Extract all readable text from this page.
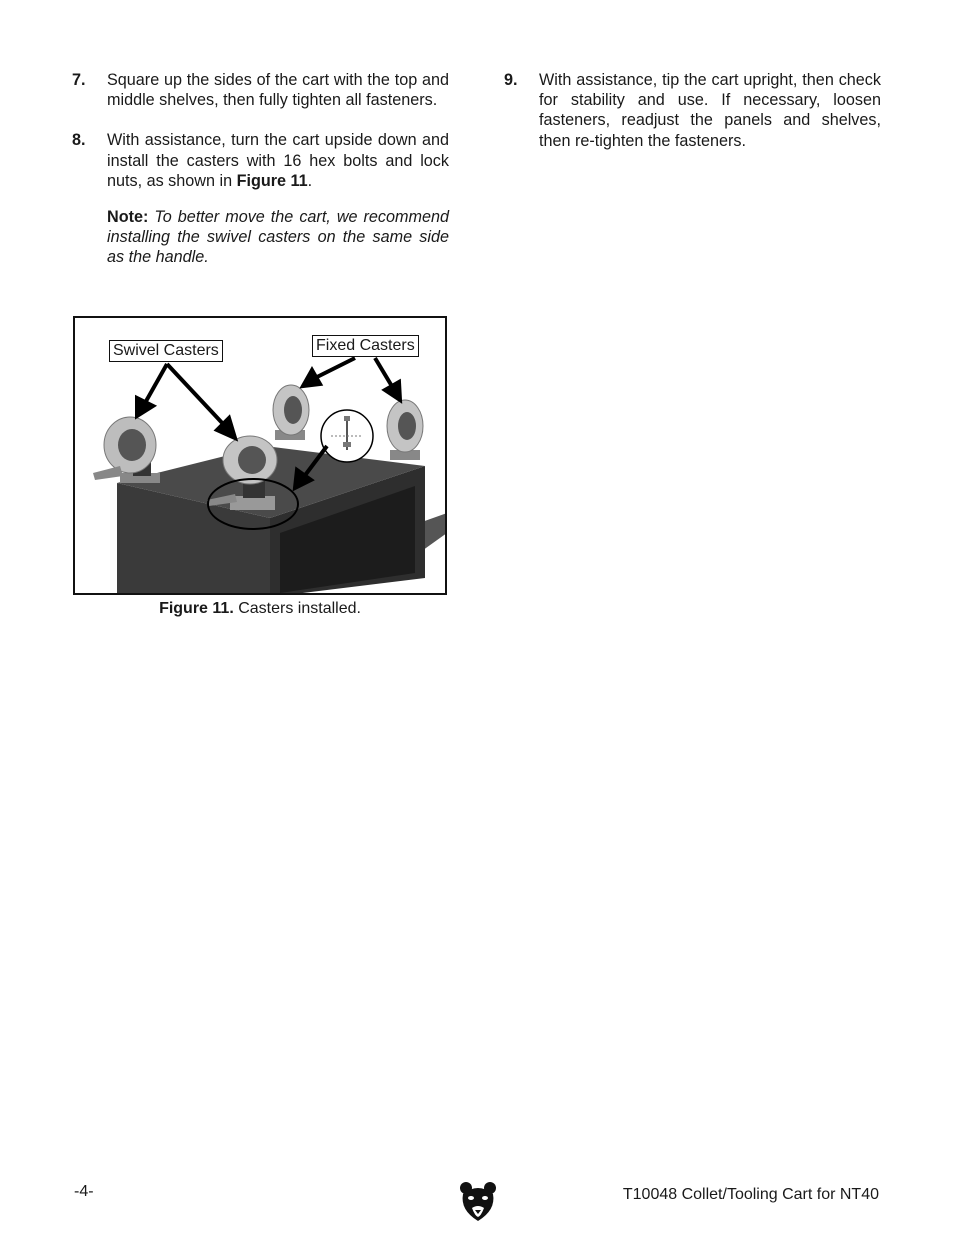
7. Square up the sides of the cart with the top and middle shelves, then fully tighten all fasteners.
8. With assistance, turn the cart upside down and install the casters with 16 hex bolts and lock nuts, as shown in Figure 11.
Note: To better move the cart, we recommend installing the swivel casters on the same side as the handle.
Swivel Casters	Fixed Casters
Figure 11. Casters installed.
9. With assistance, tip the cart upright, then check for stability and use. If necessary, loosen fasteners, readjust the panels and shelves, then re-tighten the fasteners.
-4-	T10048 Collet/Tooling Cart for NT40
